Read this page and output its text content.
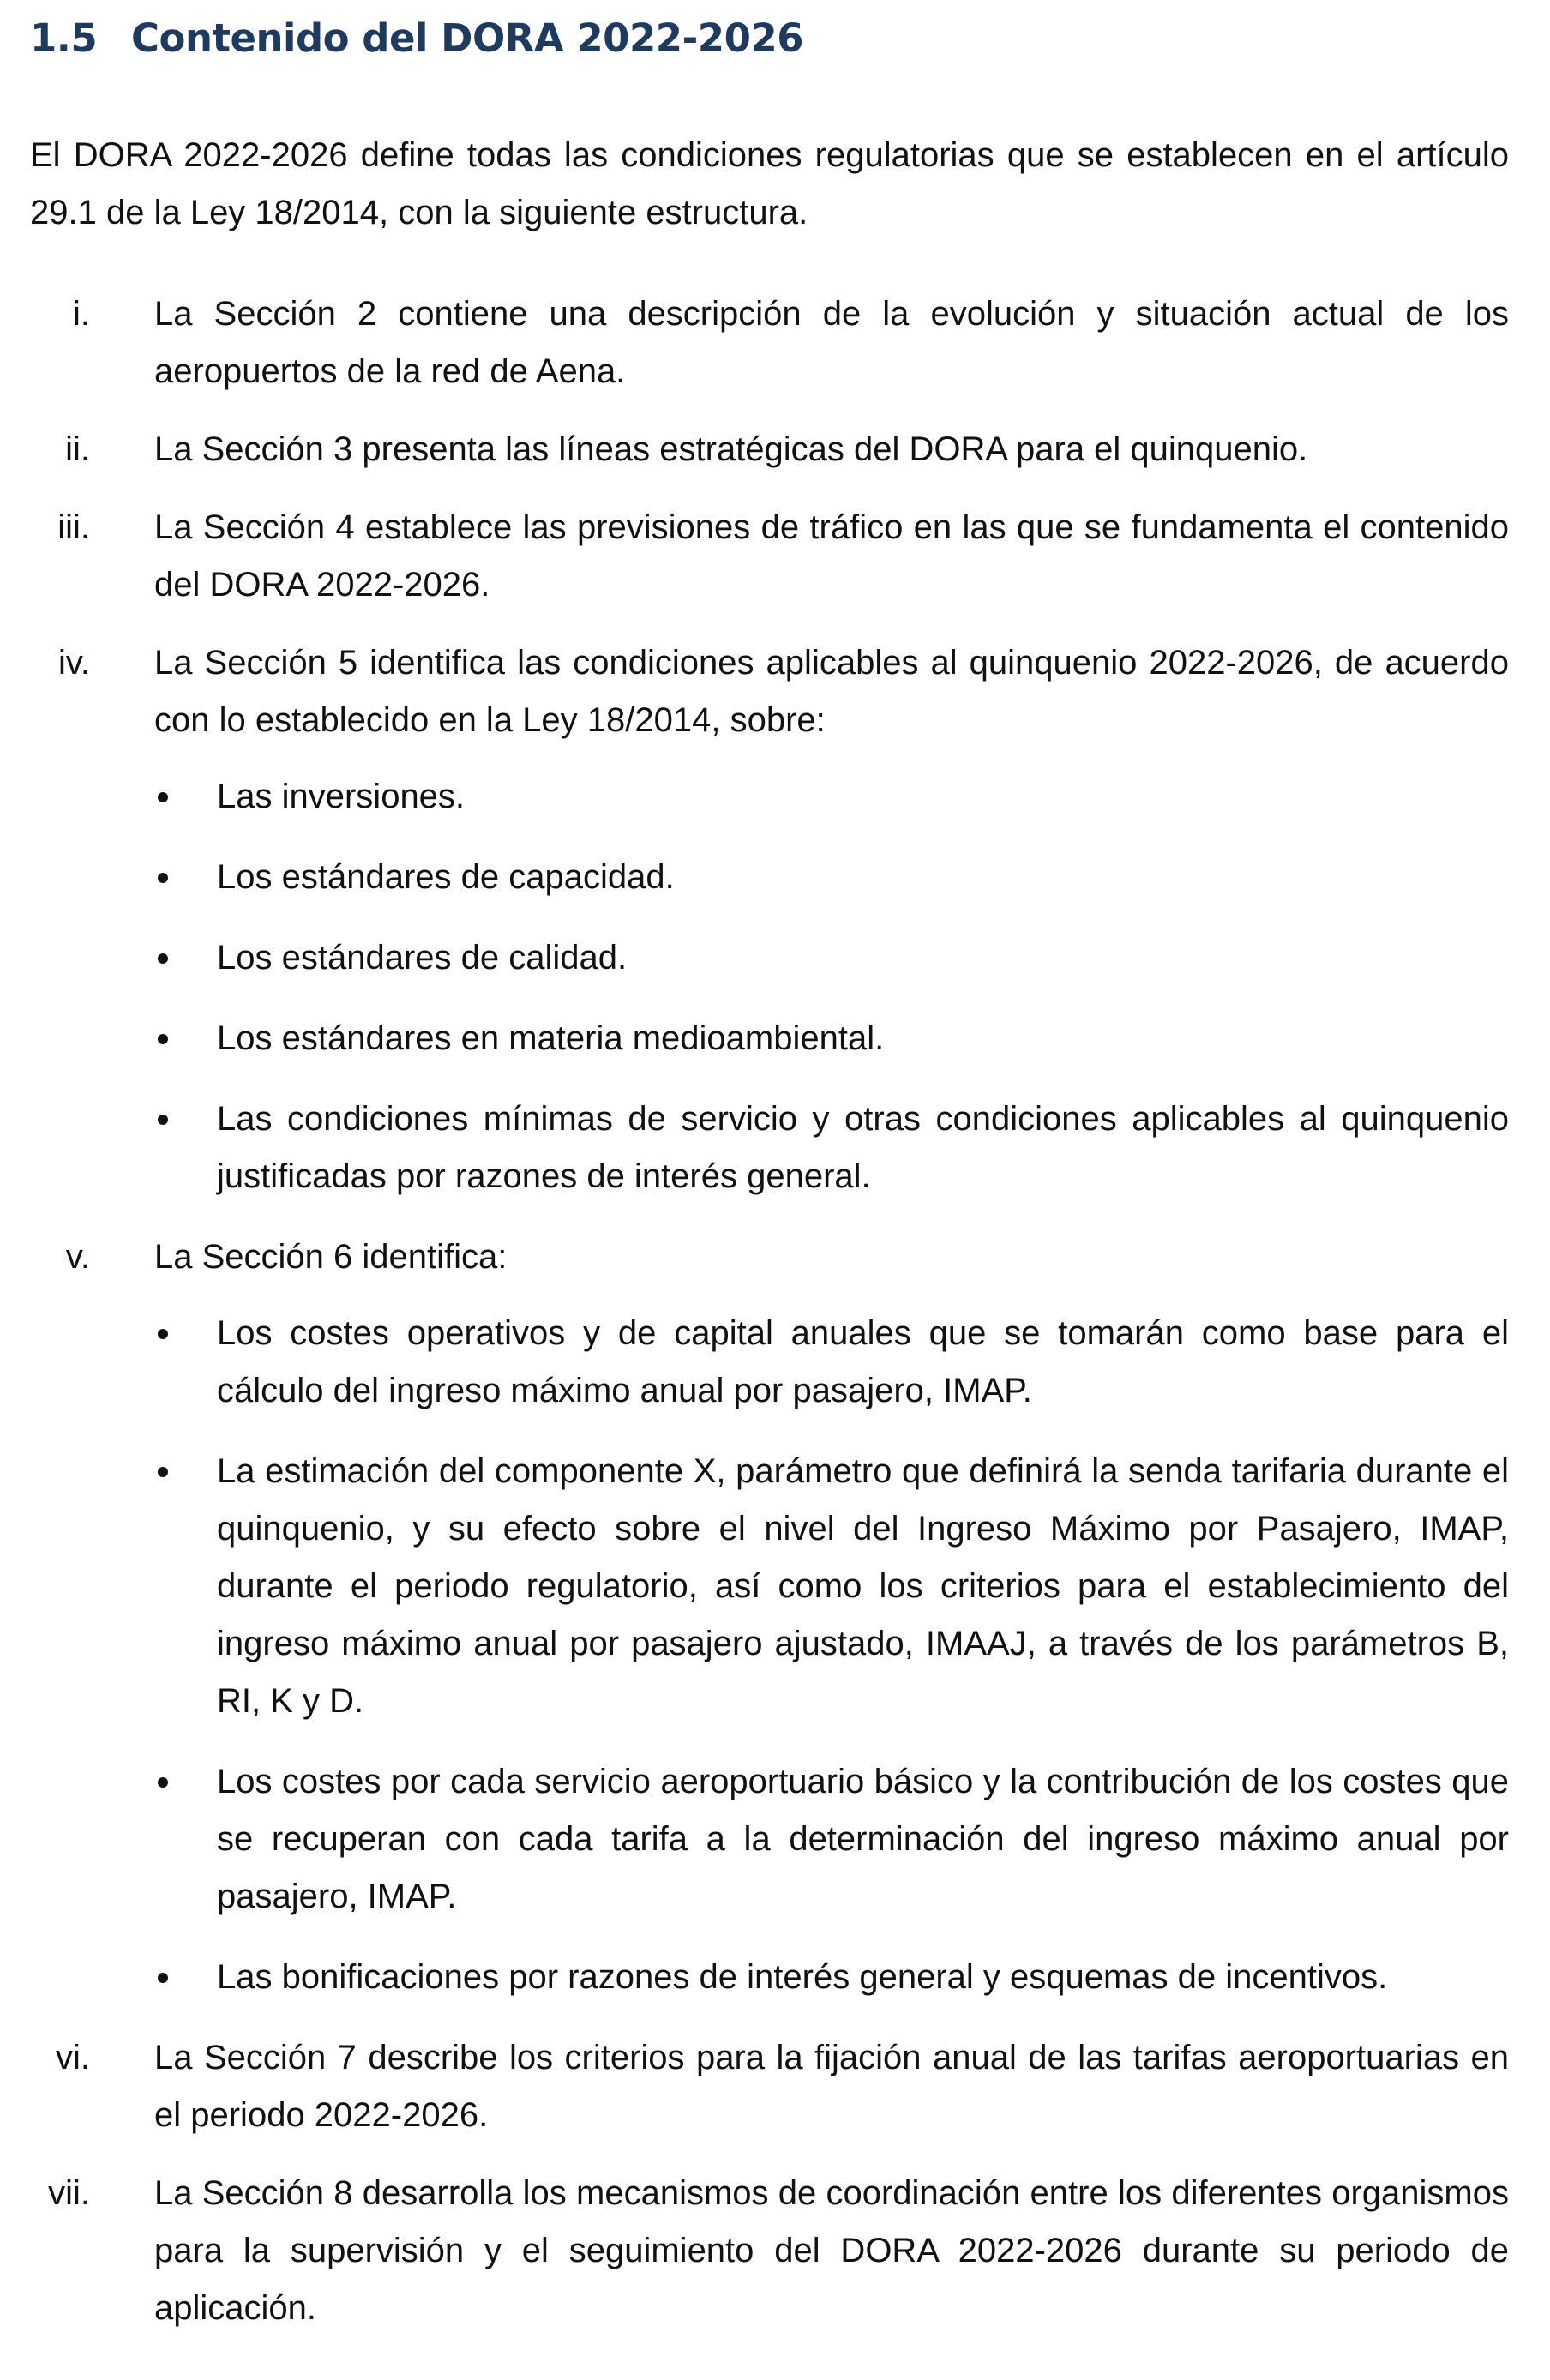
1.5 Contenido del DORA 2022-2026

El DORA 2022-2026 define todas las condiciones regulatorias que se establecen en el artículo 29.1 de la Ley 18/2014, con la siguiente estructura.

i. La Sección 2 contiene una descripción de la evolución y situación actual de los aeropuertos de la red de Aena.

ii. La Sección 3 presenta las líneas estratégicas del DORA para el quinquenio.

iii. La Sección 4 establece las previsiones de tráfico en las que se fundamenta el contenido del DORA 2022-2026.

iv. La Sección 5 identifica las condiciones aplicables al quinquenio 2022-2026, de acuerdo con lo establecido en la Ley 18/2014, sobre:

Las inversiones.

Los estándares de capacidad.

Los estándares de calidad.

Los estándares en materia medioambiental.

Las condiciones mínimas de servicio y otras condiciones aplicables al quinquenio justificadas por razones de interés general.

v. La Sección 6 identifica:

Los costes operativos y de capital anuales que se tomarán como base para el cálculo del ingreso máximo anual por pasajero, IMAP.

La estimación del componente X, parámetro que definirá la senda tarifaria durante el quinquenio, y su efecto sobre el nivel del Ingreso Máximo por Pasajero, IMAP, durante el periodo regulatorio, así como los criterios para el establecimiento del ingreso máximo anual por pasajero ajustado, IMAAJ, a través de los parámetros B, RI, K y D.

Los costes por cada servicio aeroportuario básico y la contribución de los costes que se recuperan con cada tarifa a la determinación del ingreso máximo anual por pasajero, IMAP.

Las bonificaciones por razones de interés general y esquemas de incentivos.

vi. La Sección 7 describe los criterios para la fijación anual de las tarifas aeroportuarias en el periodo 2022-2026.

vii. La Sección 8 desarrolla los mecanismos de coordinación entre los diferentes organismos para la supervisión y el seguimiento del DORA 2022-2026 durante su periodo de aplicación.
